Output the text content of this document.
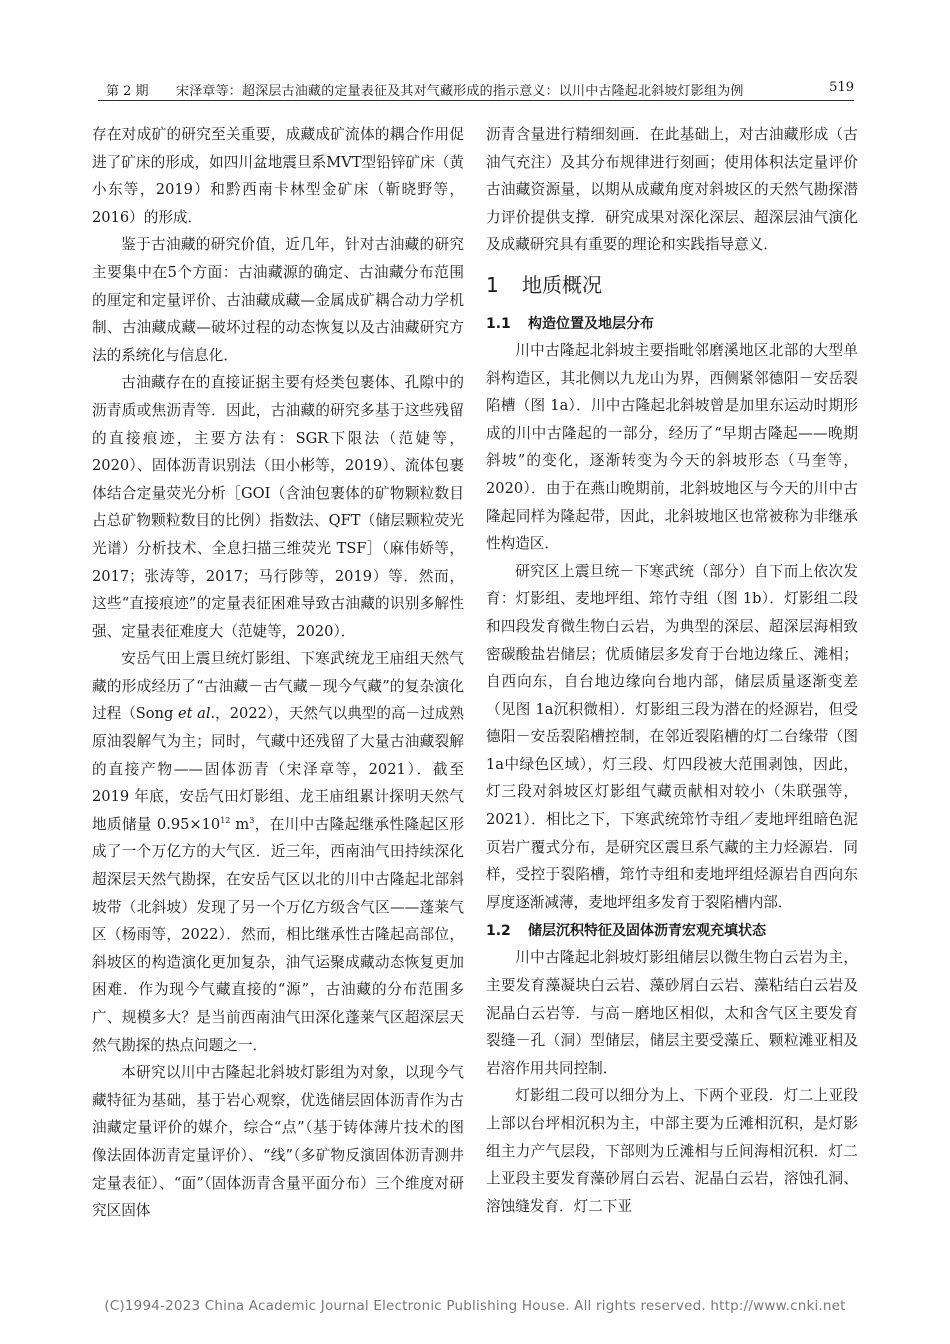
第 2 期 宋泽章等：超深层古油藏的定量表征及其对气藏形成的指示意义：以川中古隆起北斜坡灯影组为例	519

存在对成矿的研究至关重要，成藏成矿流体的耦合作用促进了矿床的形成，如四川盆地震旦系MVT型铅锌矿床（黄小东等，2019）和黔西南卡林型金矿床（靳晓野等，2016）的形成．

鉴于古油藏的研究价值，近几年，针对古油藏的研究主要集中在5个方面：古油藏源的确定、古油藏分布范围的厘定和定量评价、古油藏成藏—金属成矿耦合动力学机制、古油藏成藏—破坏过程的动态恢复以及古油藏研究方法的系统化与信息化．

古油藏存在的直接证据主要有烃类包裹体、孔隙中的沥青质或焦沥青等．因此，古油藏的研究多基于这些残留的直接痕迹，主要方法有：SGR下限法（范婕等，2020）、固体沥青识别法（田小彬等，2019）、流体包裹体结合定量荧光分析［GOI（含油包裹体的矿物颗粒数目占总矿物颗粒数目的比例）指数法、QFT（储层颗粒荧光光谱）分析技术、全息扫描三维荧光 TSF］（麻伟娇等，2017；张涛等，2017；马行陟等，2019）等．然而，这些“直接痕迹”的定量表征困难导致古油藏的识别多解性强、定量表征难度大（范婕等，2020）．

安岳气田上震旦统灯影组、下寒武统龙王庙组天然气藏的形成经历了“古油藏－古气藏－现今气藏”的复杂演化过程（Song et al.，2022），天然气以典型的高－过成熟原油裂解气为主；同时，气藏中还残留了大量古油藏裂解的直接产物——固体沥青（宋泽章等，2021）．截至 2019 年底，安岳气田灯影组、龙王庙组累计探明天然气地质储量 $0.95\times 10^{12}$ $m^3$，在川中古隆起继承性隆起区形成了一个万亿方的大气区．近三年，西南油气田持续深化超深层天然气勘探，在安岳气区以北的川中古隆起北部斜坡带（北斜坡）发现了另一个万亿方级含气区——蓬莱气区（杨雨等，2022）．然而，相比继承性古隆起高部位，斜坡区的构造演化更加复杂，油气运聚成藏动态恢复更加困难．作为现今气藏直接的“源”，古油藏的分布范围多广、规模多大？是当前西南油气田深化蓬莱气区超深层天然气勘探的热点问题之一．

本研究以川中古隆起北斜坡灯影组为对象，以现今气藏特征为基础，基于岩心观察，优选储层固体沥青作为古油藏定量评价的媒介，综合“点”（基于铸体薄片技术的图像法固体沥青定量评价）、“线”（多矿物反演固体沥青测井定量表征）、“面”（固体沥青含量平面分布）三个维度对研究区固体

沥青含量进行精细刻画．在此基础上，对古油藏形成（古油气充注）及其分布规律进行刻画；使用体积法定量评价古油藏资源量，以期从成藏角度对斜坡区的天然气勘探潜力评价提供支撑．研究成果对深化深层、超深层油气演化及成藏研究具有重要的理论和实践指导意义．

1 地质概况
1.1 构造位置及地层分布

川中古隆起北斜坡主要指毗邻磨溪地区北部的大型单斜构造区，其北侧以九龙山为界，西侧紧邻德阳－安岳裂陷槽（图 1a）．川中古隆起北斜坡曾是加里东运动时期形成的川中古隆起的一部分，经历了“早期古隆起——晚期斜坡”的变化，逐渐转变为今天的斜坡形态（马奎等，2020）．由于在燕山晚期前，北斜坡地区与今天的川中古隆起同样为隆起带，因此，北斜坡地区也常被称为非继承性构造区．

研究区上震旦统－下寒武统（部分）自下而上依次发育：灯影组、麦地坪组、筇竹寺组（图 1b）．灯影组二段和四段发育微生物白云岩，为典型的深层、超深层海相致密碳酸盐岩储层；优质储层多发育于台地边缘丘、滩相；自西向东，自台地边缘向台地内部，储层质量逐渐变差（见图 1a沉积微相）．灯影组三段为潜在的烃源岩，但受德阳－安岳裂陷槽控制，在邻近裂陷槽的灯二台缘带（图 1a中绿色区域），灯三段、灯四段被大范围剥蚀，因此，灯三段对斜坡区灯影组气藏贡献相对较小（朱联强等，2021）．相比之下，下寒武统筇竹寺组／麦地坪组暗色泥页岩广覆式分布，是研究区震旦系气藏的主力烃源岩．同样，受控于裂陷槽，筇竹寺组和麦地坪组烃源岩自西向东厚度逐渐减薄，麦地坪组多发育于裂陷槽内部．

1.2 储层沉积特征及固体沥青宏观充填状态

川中古隆起北斜坡灯影组储层以微生物白云岩为主，主要发育藻凝块白云岩、藻砂屑白云岩、藻粘结白云岩及泥晶白云岩等．与高－磨地区相似，太和含气区主要发育裂缝－孔（洞）型储层，储层主要受藻丘、颗粒滩亚相及岩溶作用共同控制．

灯影组二段可以细分为上、下两个亚段．灯二上亚段上部以台坪相沉积为主，中部主要为丘滩相沉积，是灯影组主力产气层段，下部则为丘滩相与丘间海相沉积．灯二上亚段主要发育藻砂屑白云岩、泥晶白云岩，溶蚀孔洞、溶蚀缝发育．灯二下亚

(C)1994-2023 China Academic Journal Electronic Publishing House. All rights reserved. http://www.cnki.net
